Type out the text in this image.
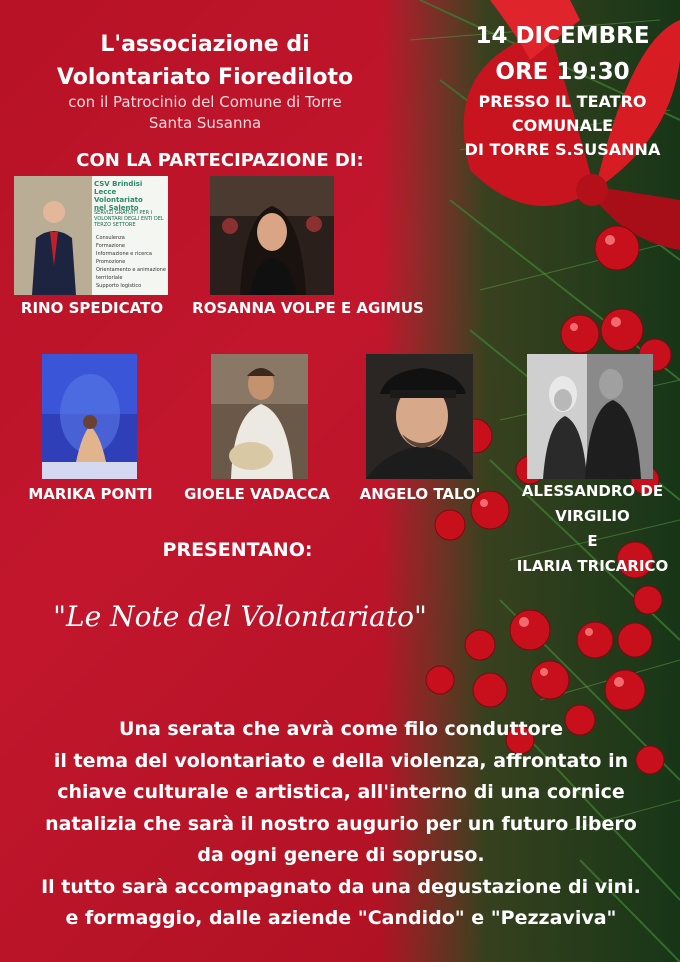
L'associazione di
Volontariato Fiorediloto
con il Patrocinio del Comune di Torre
Santa Susanna
CON LA PARTECIPAZIONE DI:
14 DICEMBRE
ORE 19:30
PRESSO IL TEATRO
COMUNALE
DI TORRE S.SUSANNA
CSV Brindisi Lecce
Volontariato
nel Salento
SERVIZI GRATUITI PER I VOLONTARI DEGLI ENTI DEL TERZO SETTORE
Consulenza
Formazione
Informazione e ricerca
Promozione
Orientamento e animazione territoriale
Supporto logistico
RINO SPEDICATO	ROSANNA VOLPE E AGIMUS
MARIKA PONTI	GIOELE VADACCA	ANGELO TALO'	ALESSANDRO DE
VIRGILIO
E
ILARIA TRICARICO
PRESENTANO:
"Le Note del Volontariato"
Una serata che avrà come filo conduttore
il tema del volontariato e della violenza, affrontato in
chiave culturale e artistica, all'interno di una cornice
natalizia che sarà il nostro augurio per un futuro libero
da ogni genere di sopruso.
Il tutto sarà accompagnato da una degustazione di vini.
e formaggio, dalle aziende "Candido" e "Pezzaviva"
